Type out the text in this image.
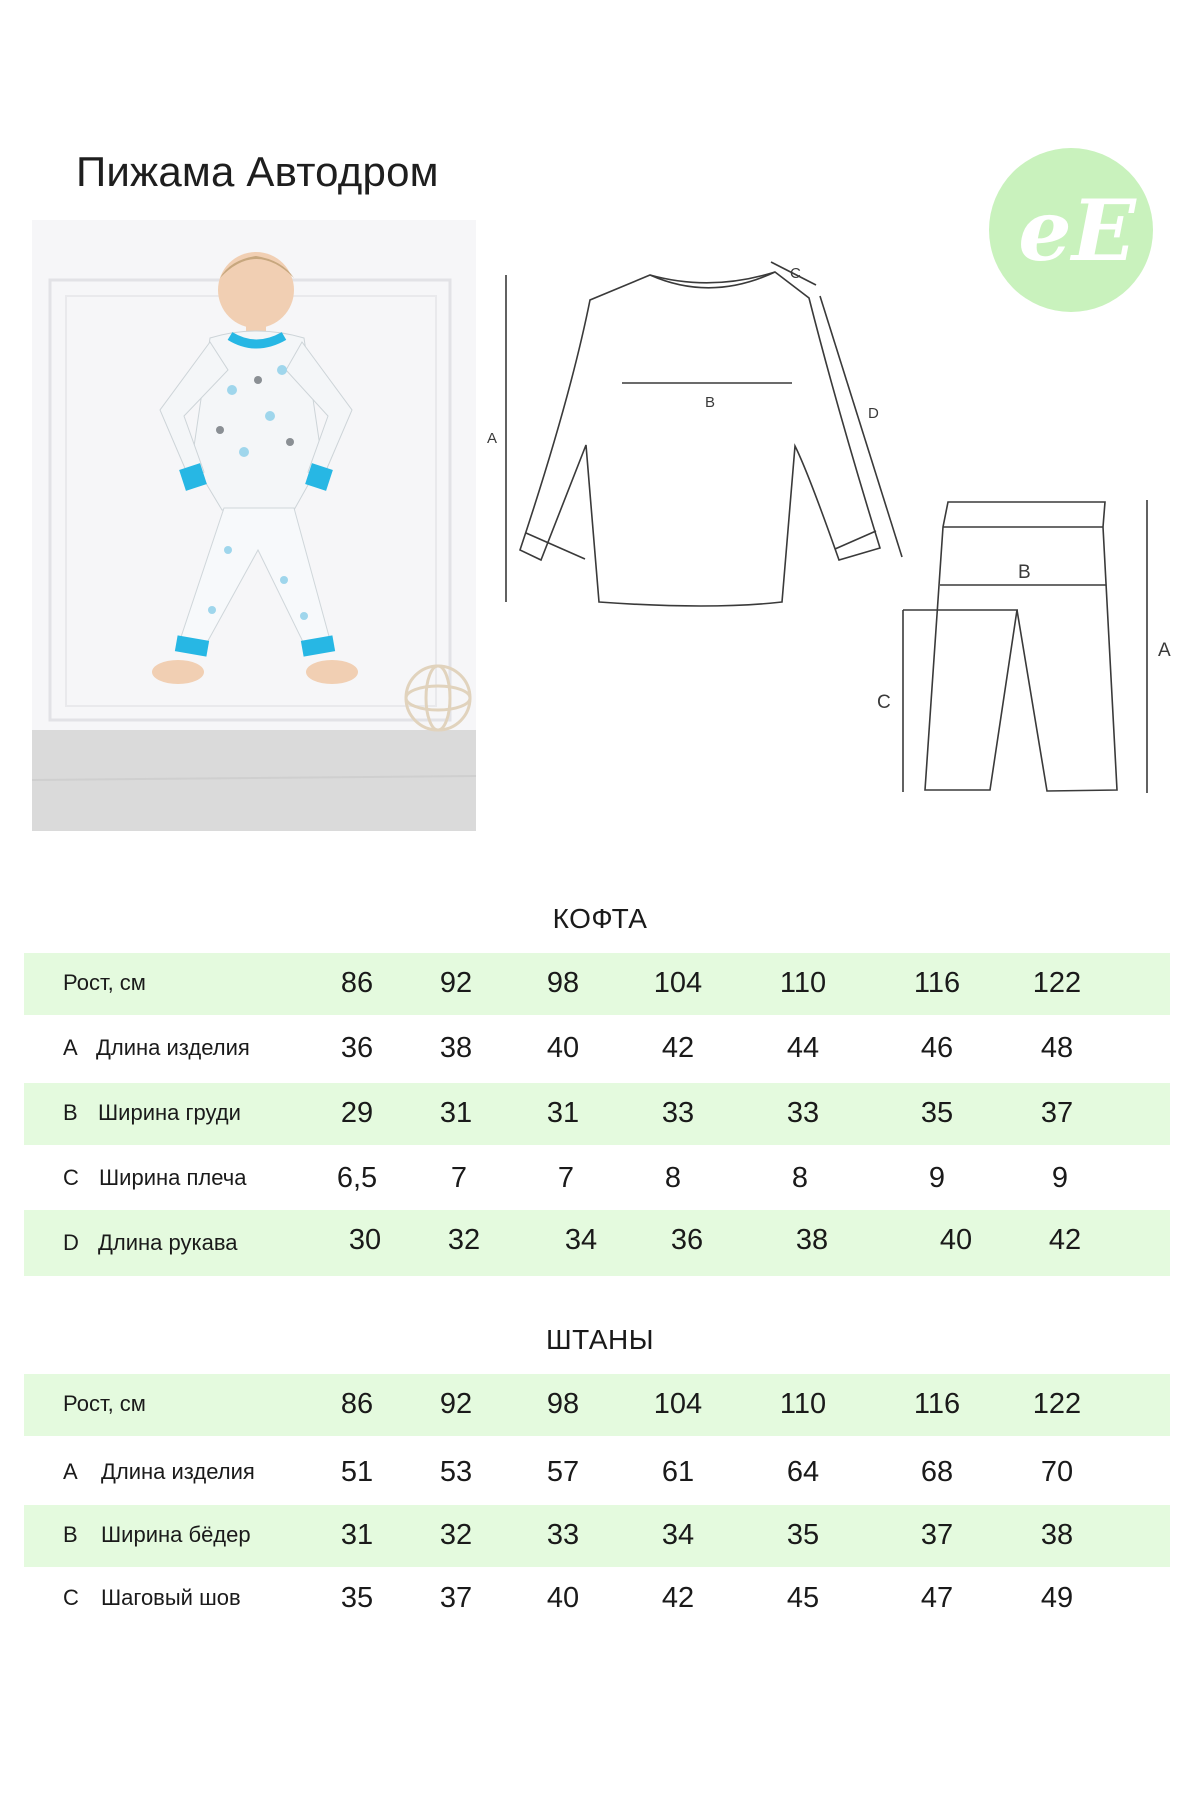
Пижама Автодром
eE
A
B
C
D
B
A
C
КОФТА
Рост, см	86	92	98	104	110	116	122
A Длина изделия	36	38	40	42	44	46	48
B Ширина груди	29	31	31	33	33	35	37
C Ширина плеча	6,5	7	7	8	8	9	9
D Длина рукава	30	32	34	36	38	40	42
ШТАНЫ
Рост, см	86	92	98	104	110	116	122
A Длина изделия	51	53	57	61	64	68	70
B Ширина бёдер	31	32	33	34	35	37	38
C Шаговый шов	35	37	40	42	45	47	49
